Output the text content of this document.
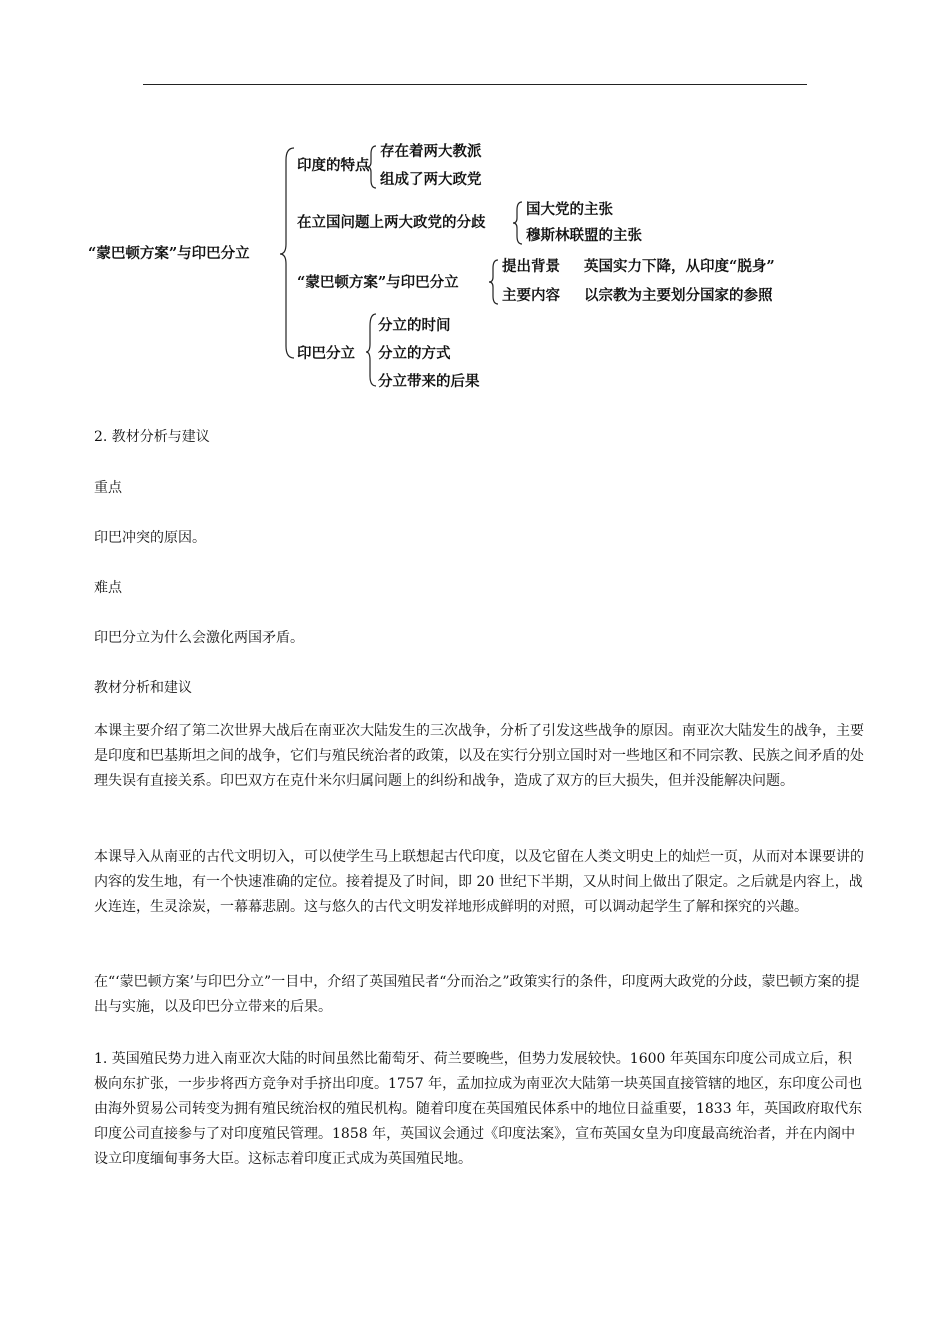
“蒙巴顿方案”与印巴分立
印度的特点
存在着两大教派
组成了两大政党
在立国问题上两大政党的分歧
国大党的主张
穆斯林联盟的主张
“蒙巴顿方案”与印巴分立
提出背景 英国实力下降，从印度“脱身”
主要内容 以宗教为主要划分国家的参照
印巴分立
分立的时间
分立的方式
分立带来的后果

2. 教材分析与建议

重点

印巴冲突的原因。

难点

印巴分立为什么会激化两国矛盾。

教材分析和建议

本课主要介绍了第二次世界大战后在南亚次大陆发生的三次战争，分析了引发这些战争的原因。南亚次大陆发生的战争，主要是印度和巴基斯坦之间的战争，它们与殖民统治者的政策，以及在实行分别立国时对一些地区和不同宗教、民族之间矛盾的处理失误有直接关系。印巴双方在克什米尔归属问题上的纠纷和战争，造成了双方的巨大损失，但并没能解决问题。

本课导入从南亚的古代文明切入，可以使学生马上联想起古代印度，以及它留在人类文明史上的灿烂一页，从而对本课要讲的内容的发生地，有一个快速准确的定位。接着提及了时间，即 20 世纪下半期，又从时间上做出了限定。之后就是内容上，战火连连，生灵涂炭，一幕幕悲剧。这与悠久的古代文明发祥地形成鲜明的对照，可以调动起学生了解和探究的兴趣。

在“‘蒙巴顿方案’与印巴分立”一目中，介绍了英国殖民者“分而治之”政策实行的条件，印度两大政党的分歧，蒙巴顿方案的提出与实施，以及印巴分立带来的后果。

1. 英国殖民势力进入南亚次大陆的时间虽然比葡萄牙、荷兰要晚些，但势力发展较快。1600 年英国东印度公司成立后，积极向东扩张，一步步将西方竞争对手挤出印度。1757 年，孟加拉成为南亚次大陆第一块英国直接管辖的地区，东印度公司也由海外贸易公司转变为拥有殖民统治权的殖民机构。随着印度在英国殖民体系中的地位日益重要，1833 年，英国政府取代东印度公司直接参与了对印度殖民管理。1858 年，英国议会通过《印度法案》，宣布英国女皇为印度最高统治者，并在内阁中设立印度缅甸事务大臣。这标志着印度正式成为英国殖民地。
